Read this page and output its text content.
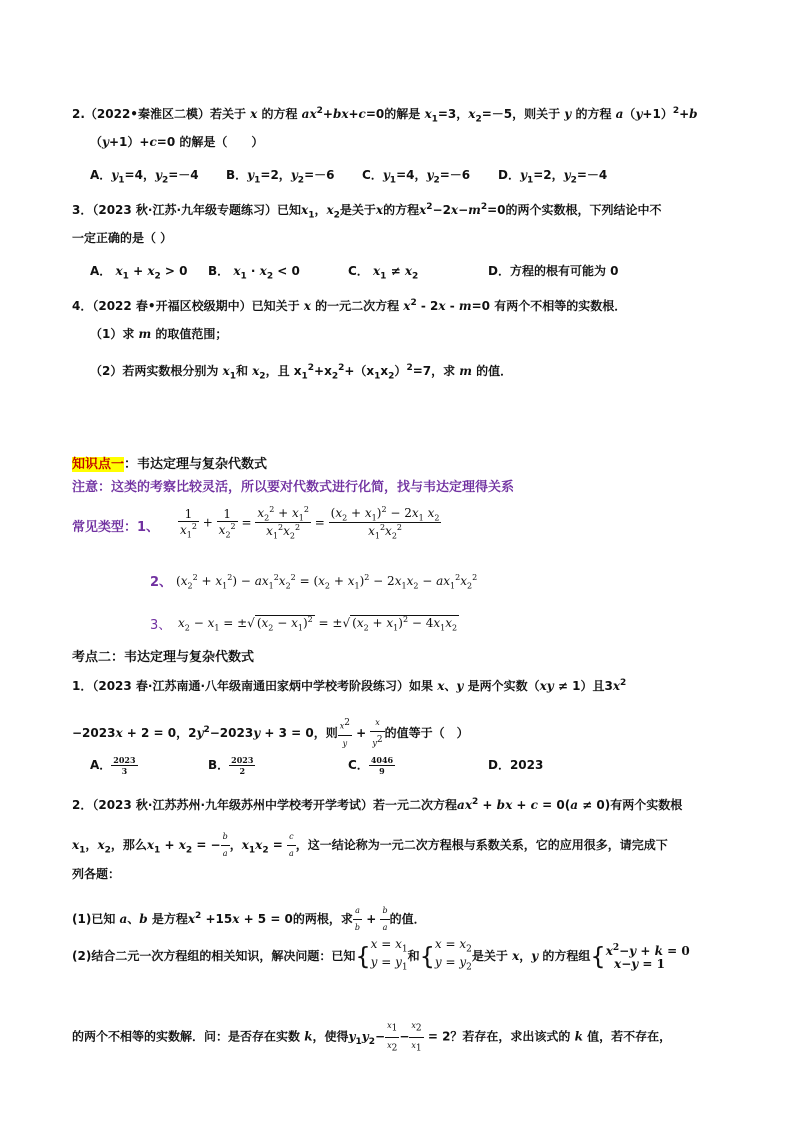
2.（2022•秦淮区二模）若关于 x 的方程 $ax^2+bx+c=0$的解是 $x_1=3$，$x_2=-5$，则关于 y 的方程 $a(y+1)^2+b$
（y+1）+c=0 的解是（　　）
A．$y_1=4$，$y_2=-4$ B．$y_1=2$，$y_2=-6$ C．$y_1=4$，$y_2=-6$ D．$y_1=2$，$y_2=-4$
3．（2023 秋·江苏·九年级专题练习）已知$x_1$，$x_2$是关于x的方程$x^2-2x-m^2=0$的两个实数根，下列结论中不
一定正确的是（ ）
A． $x_1 + x_2 > 0$ B． $x_1 \cdot x_2 < 0$	C． $x_1 \ne x_2$	D．方程的根有可能为 0
4．（2022 春•开福区校级期中）已知关于 x 的一元二次方程 $x^2 - 2x - m=0$ 有两个不相等的实数根．
（1）求 m 的取值范围；
（2）若两实数根分别为 $x_1$和 $x_2$，且 $x_1^2+x_2^2+(x_1x_2)^2=7$，求 m 的值．
知识点一：韦达定理与复杂代数式
注意：这类的考察比较灵活，所以要对代数式进行化简，找与韦达定理得关系
常见类型：1、 $\frac{1}{x_1^2} + \frac{1}{x_2^2} = \frac{x_2^2 + x_1^2}{x_1^2x_2^2} = \frac{(x_2 + x_1)^2 - 2x_1 x_2}{x_1^2x_2^2}$
2、 $(x_2^2 + x_1^2) - ax_1^2x_2^2 = (x_2 + x_1)^2 - 2x_1x_2 - ax_1^2x_2^2$
3、 $x_2 - x_1$ = ±√ $(x_2 - x_1)^2$ = ±√ $(x_2 + x_1)^2 - 4x_1x_2$
考点二：韦达定理与复杂代数式
1．（2023 春·江苏南通·八年级南通田家炳中学校考阶段练习）如果 x、y 是两个实数（xy ≠ 1）且$3x^2$
−2023x + 2 = 0，$2y^2-2023y + 3 = 0$，则 $\frac{x^2}{y} + \frac{x}{y^2}$ 的值等于（　）
A． $\frac{2023}{3}$	B． $\frac{2023}{2}$	C． $\frac{4046}{9}$	D．2023
2．（2023 秋·江苏苏州·九年级苏州中学校考开学考试）若一元二次方程$ax^2$ + bx + c = 0(a ≠ 0)有两个实数根
$x_1$，$x_2$，那么$x_1 + x_2$ = − $\frac{b}{a}$ ，$x_1x_2 = \frac{c}{a}$ ，这一结论称为一元二次方程根与系数关系，它的应用很多，请完成下
列各题：
(1)已知 a、b 是方程$x^2 +15x + 5 = 0$的两根，求 $\frac{a}{b} + \frac{b}{a}$ 的值．
(2)结合二元一次方程组的相关知识，解决问题：已知{$x = x_1$
$y = y_1$和{$x = x_2$
$y = y_2$是关于 x，y 的方程组{$x^2-y + k = 0$
x−y = 1
的两个不相等的实数解．问：是否存在实数 k，使得$y_1y_2- \frac{x_1}{x_2} - \frac{x_2}{x_1} = 2$？若存在，求出该式的 k 值，若不存在，
